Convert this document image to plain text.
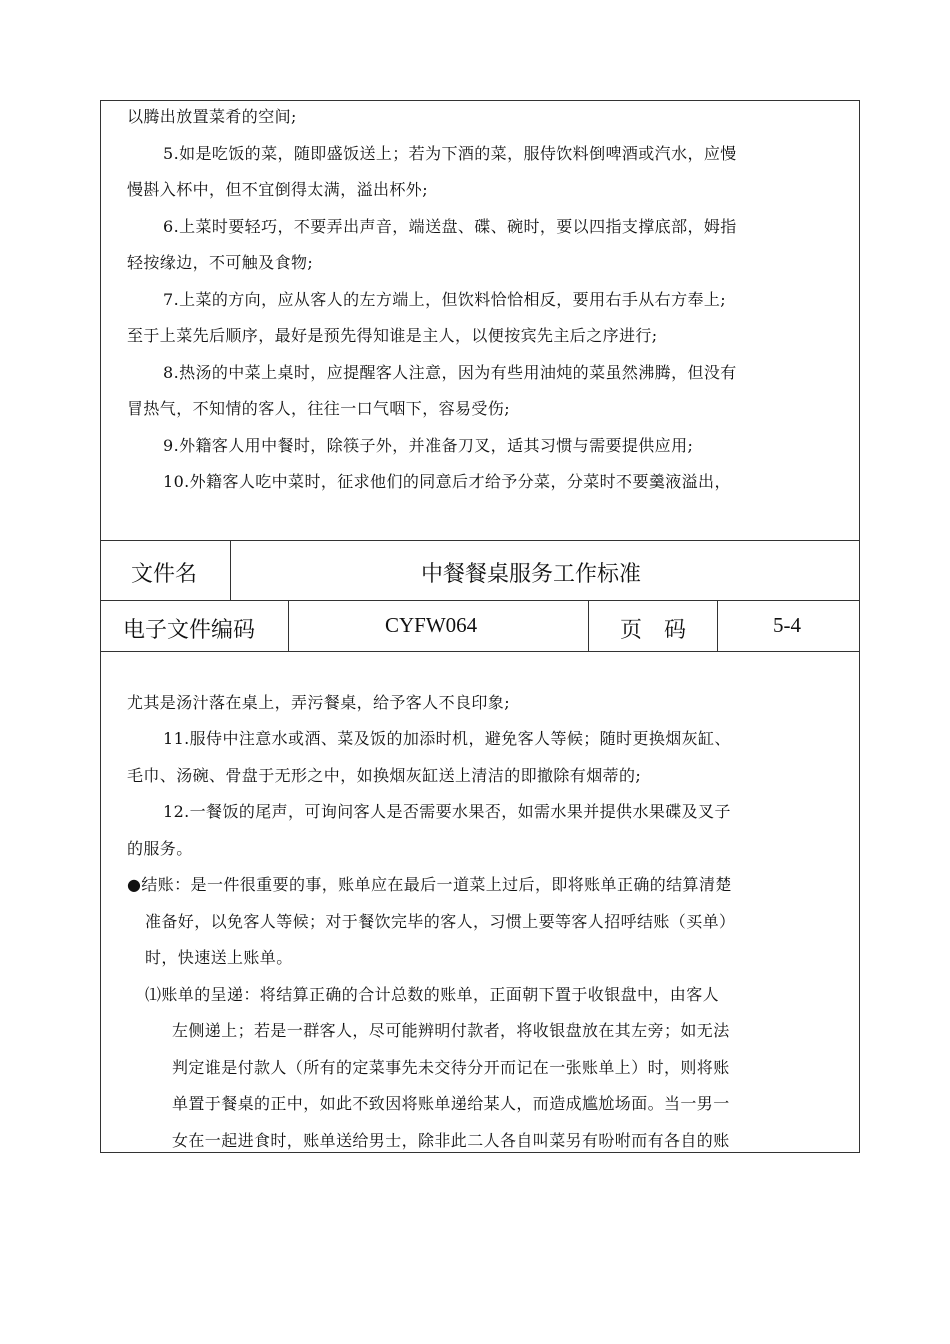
以腾出放置菜肴的空间;
5.如是吃饭的菜，随即盛饭送上；若为下酒的菜，服侍饮料倒啤酒或汽水，应慢
慢斟入杯中，但不宜倒得太满，溢出杯外;
6.上菜时要轻巧，不要弄出声音，端送盘、碟、碗时，要以四指支撑底部，姆指
轻按缘边，不可触及食物;
7.上菜的方向，应从客人的左方端上，但饮料恰恰相反，要用右手从右方奉上;
至于上菜先后顺序，最好是预先得知谁是主人，以便按宾先主后之序进行;
8.热汤的中菜上桌时，应提醒客人注意，因为有些用油炖的菜虽然沸腾，但没有
冒热气，不知情的客人，往往一口气咽下，容易受伤;
9.外籍客人用中餐时，除筷子外，并准备刀叉，适其习惯与需要提供应用;
10.外籍客人吃中菜时，征求他们的同意后才给予分菜，分菜时不要羹液溢出，
文件名	中餐餐桌服务工作标准
电子文件编码	CYFW064	页　码	5-4
尤其是汤汁落在桌上，弄污餐桌，给予客人不良印象;
11.服侍中注意水或酒、菜及饭的加添时机，避免客人等候；随时更换烟灰缸、
毛巾、汤碗、骨盘于无形之中，如换烟灰缸送上清洁的即撤除有烟蒂的;
12.一餐饭的尾声，可询问客人是否需要水果否，如需水果并提供水果碟及叉子
的服务。
●结账：是一件很重要的事，账单应在最后一道菜上过后，即将账单正确的结算清楚
准备好，以免客人等候；对于餐饮完毕的客人，习惯上要等客人招呼结账（买单）
时，快速送上账单。
⑴账单的呈递：将结算正确的合计总数的账单，正面朝下置于收银盘中，由客人
左侧递上；若是一群客人，尽可能辨明付款者，将收银盘放在其左旁；如无法
判定谁是付款人（所有的定菜事先未交待分开而记在一张账单上）时，则将账
单置于餐桌的正中，如此不致因将账单递给某人，而造成尴尬场面。当一男一
女在一起进食时，账单送给男士，除非此二人各自叫菜另有吩咐而有各自的账
